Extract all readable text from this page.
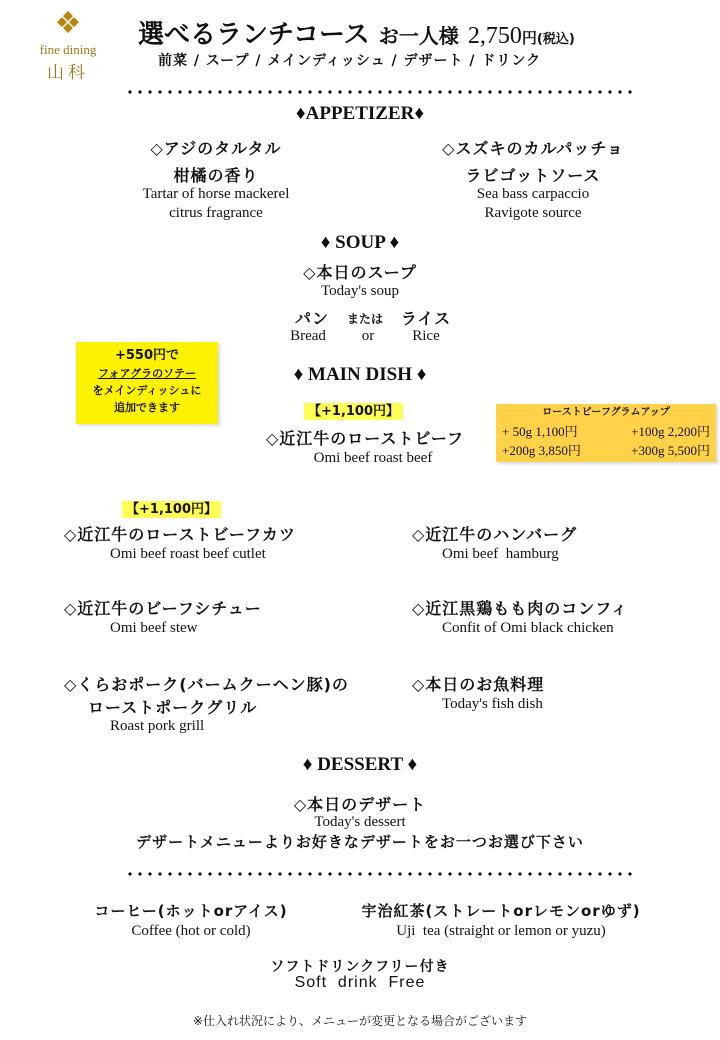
❖
fine dining
山科
選べるランチコース お一人様 2,750円(税込)
前菜 / スープ / メインディッシュ / デザート / ドリンク
♦APPETIZER♦
◇アジのタルタル
柑橘の香り
Tartar of horse mackerel
citrus fragrance
◇スズキのカルパッチョ
ラビゴットソース
Sea bass carpaccio
Ravigote source
♦ SOUP ♦
◇本日のスープ
Today's soup
パン	または	ライス
Bread	or	Rice
+550円で
フォアグラのソテー
をメインディッシュに
追加できます
♦ MAIN DISH ♦
【+1,100円】
◇近江牛のローストビーフ
Omi beef roast beef
ローストビーフグラムアップ
+ 50g 1,100円	+100g 2,200円
+200g 3,850円	+300g 5,500円
【+1,100円】
◇近江牛のローストビーフカツ
Omi beef roast beef cutlet
◇近江牛のビーフシチュー
Omi beef stew
◇くらおポーク(バームクーヘン豚)の
ローストポークグリル
Roast pork grill
◇近江牛のハンバーグ
Omi beef  hamburg
◇近江黒鶏もも肉のコンフィ
Confit of Omi black chicken
◇本日のお魚料理
Today's fish dish
♦ DESSERT ♦
◇本日のデザート
Today's dessert
デザートメニューよりお好きなデザートをお一つお選び下さい
コーヒー(ホットorアイス)
Coffee (hot or cold)
宇治紅茶(ストレートorレモンorゆず)
Uji  tea (straight or lemon or yuzu)
ソフトドリンクフリー付き
Soft  drink  Free
※仕入れ状況により、メニューが変更となる場合がございます
